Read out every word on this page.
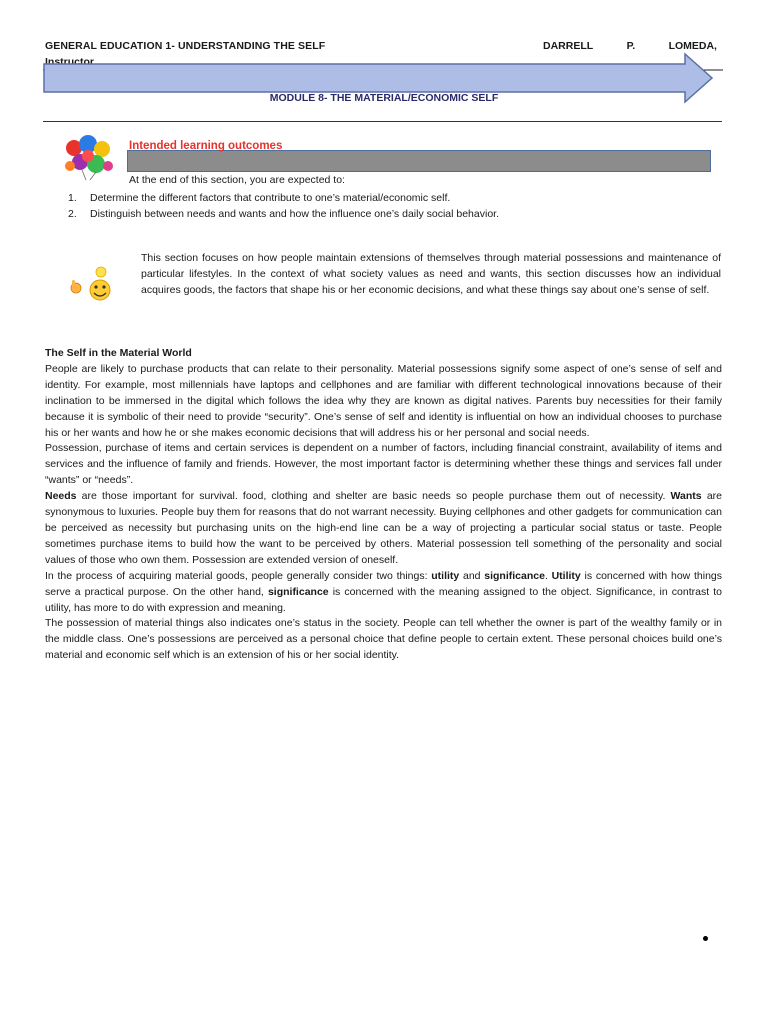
GENERAL EDUCATION 1- UNDERSTANDING THE SELF	DARRELL	P.	LOMEDA,
Instructor
MODULE 8- THE MATERIAL/ECONOMIC SELF
Intended learning outcomes
At the end of this section, you are expected to:
1.	Determine the different factors that contribute to one’s material/economic self.
2.	Distinguish between needs and wants and how the influence one’s daily social behavior.
This section focuses on how people maintain extensions of themselves through material possessions and maintenance of particular lifestyles. In the context of what society values as need and wants, this section discusses how an individual acquires goods, the factors that shape his or her economic decisions, and what these things say about one’s sense of self.

The Self in the Material World

People are likely to purchase products that can relate to their personality. Material possessions signify some aspect of one’s sense of self and identity. For example, most millennials have laptops and cellphones and are familiar with different technological innovations because of their inclination to be immersed in the digital which follows the idea why they are known as digital natives. Parents buy necessities for their family because it is symbolic of their need to provide “security”. One’s sense of self and identity is influential on how an individual chooses to purchase his or her wants and how he or she makes economic decisions that will address his or her personal and social needs.

Possession, purchase of items and certain services is dependent on a number of factors, including financial constraint, availability of items and services and the influence of family and friends. However, the most important factor is determining whether these things and services fall under “wants” or “needs”.

Needs are those important for survival. food, clothing and shelter are basic needs so people purchase them out of necessity. Wants are synonymous to luxuries. People buy them for reasons that do not warrant necessity. Buying cellphones and other gadgets for communication can be perceived as necessity but purchasing units on the high-end line can be a way of projecting a particular social status or taste. People sometimes purchase items to build how the want to be perceived by others. Material possession tell something of the personality and social values of those who own them. Possession are extended version of oneself.

In the process of acquiring material goods, people generally consider two things: utility and significance. Utility is concerned with how things serve a practical purpose. On the other hand, significance is concerned with the meaning assigned to the object. Significance, in contrast to utility, has more to do with expression and meaning.

The possession of material things also indicates one’s status in the society. People can tell whether the owner is part of the wealthy family or in the middle class. One’s possessions are perceived as a personal choice that define people to certain extent. These personal choices build one’s material and economic self which is an extension of his or her social identity.
